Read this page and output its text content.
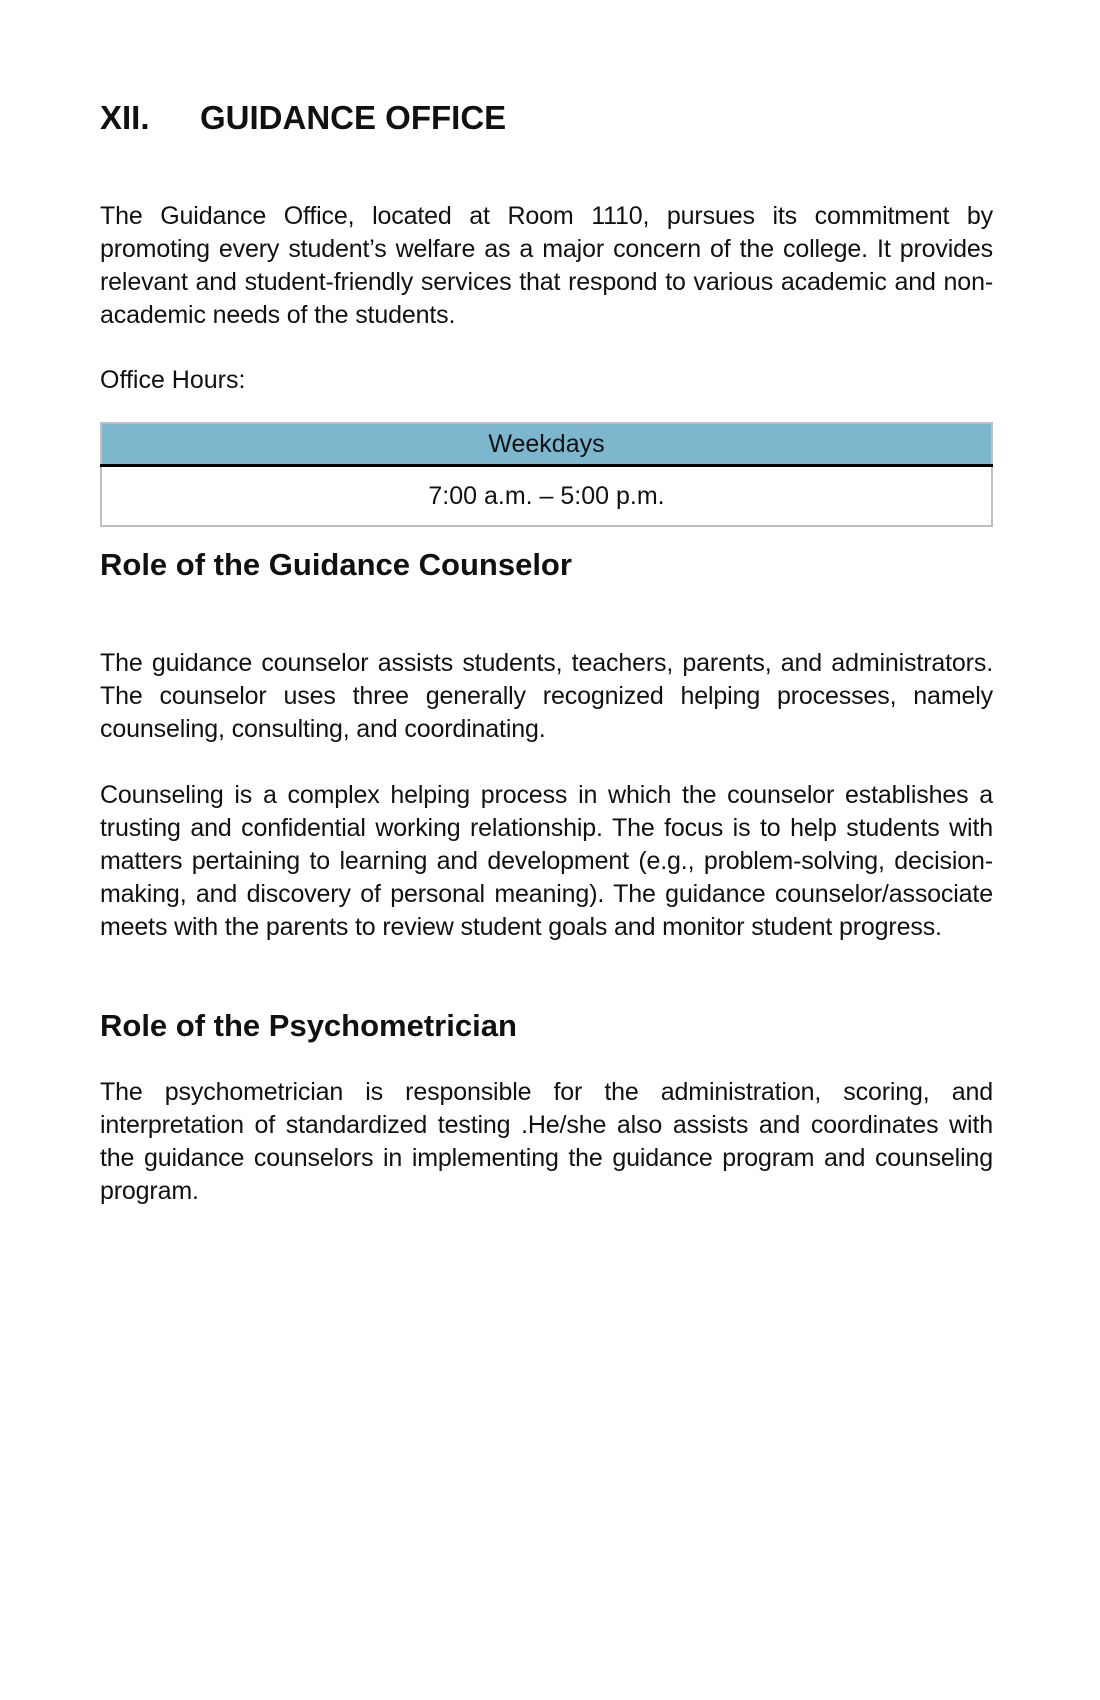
XII.	GUIDANCE OFFICE

The Guidance Office, located at Room 1110, pursues its commitment by promoting every student’s welfare as a major concern of the college. It provides relevant and student-friendly services that respond to various academic and non-academic needs of the students.

Office Hours:

Weekdays
7:00 a.m. – 5:00 p.m.
Role of the Guidance Counselor

The guidance counselor assists students, teachers, parents, and administrators. The counselor uses three generally recognized helping processes, namely counseling, consulting, and coordinating.

Counseling is a complex helping process in which the counselor establishes a trusting and confidential working relationship. The focus is to help students with matters pertaining to learning and development (e.g., problem-solving, decision-making, and discovery of personal meaning). The guidance counselor/associate meets with the parents to review student goals and monitor student progress.

Role of the Psychometrician

The psychometrician is responsible for the administration, scoring, and interpretation of standardized testing .He/she also assists and coordinates with the guidance counselors in implementing the guidance program and counseling program.
